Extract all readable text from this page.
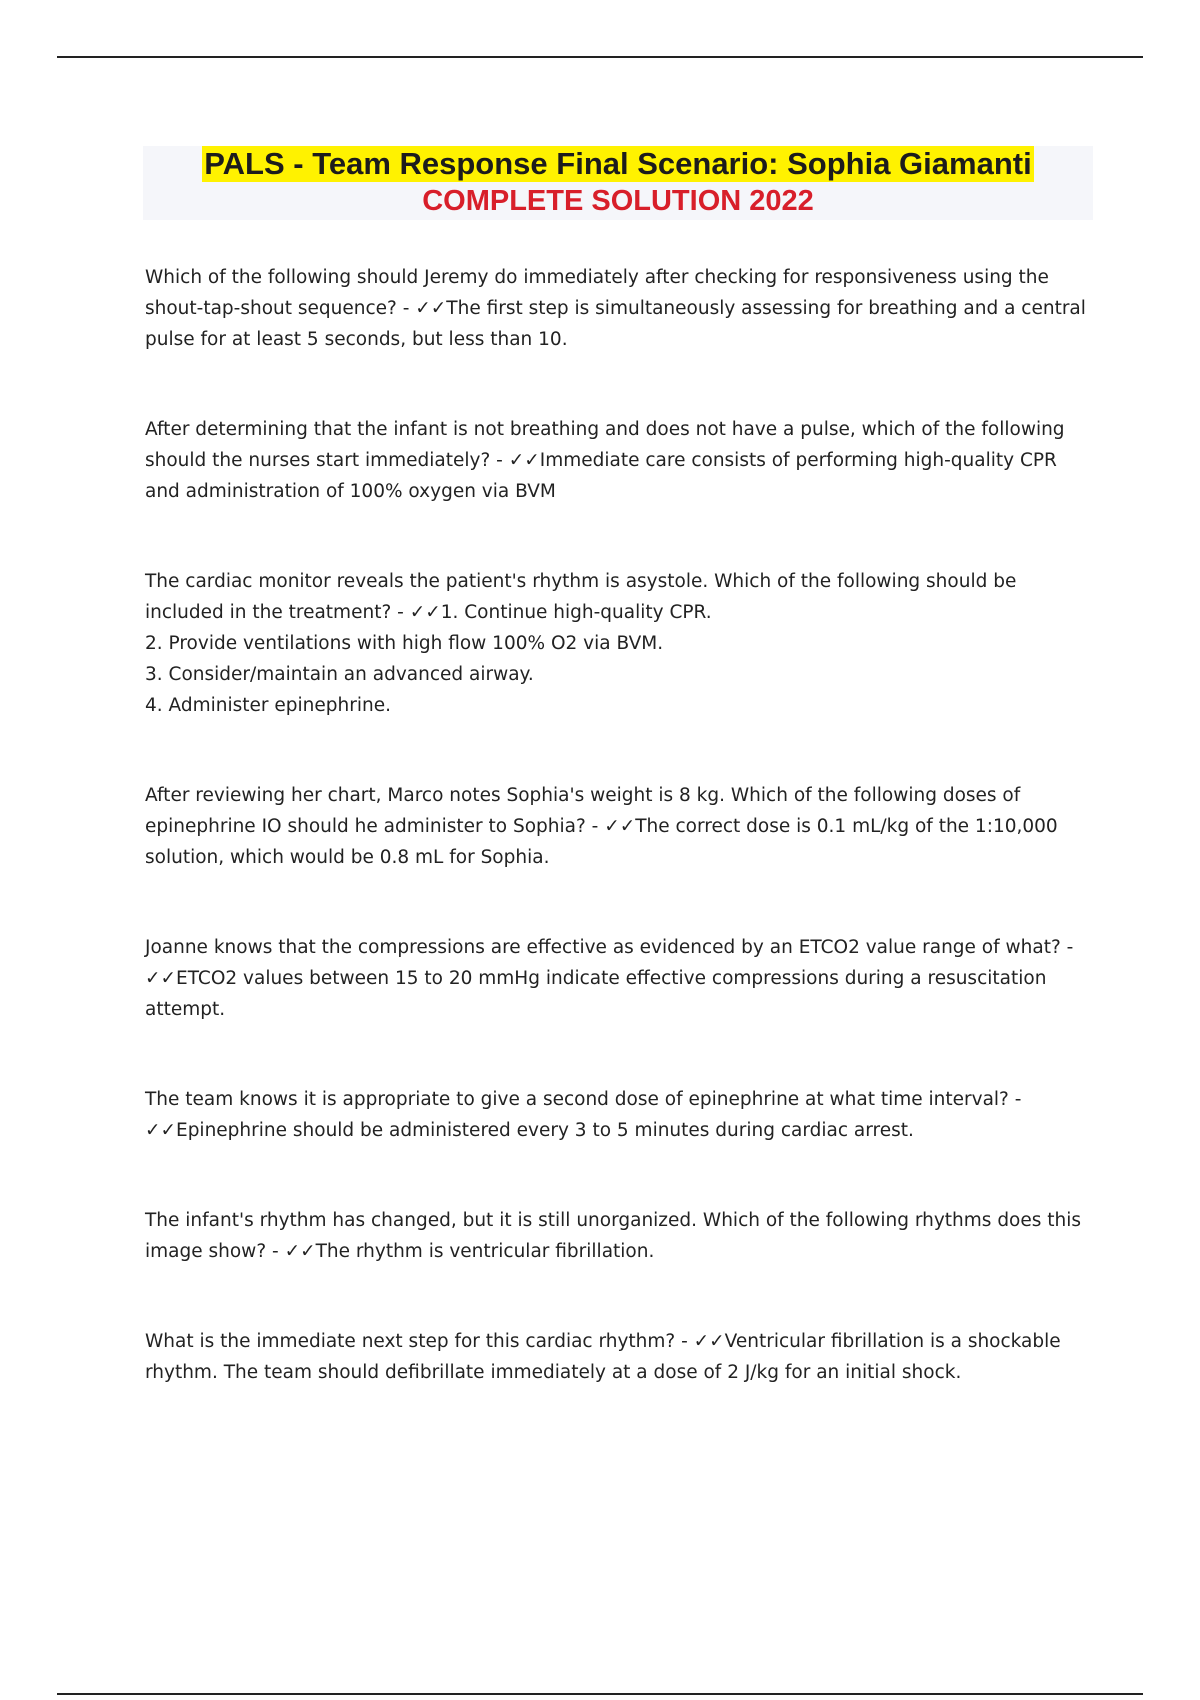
PALS - Team Response Final Scenario: Sophia Giamanti
COMPLETE SOLUTION 2022

Which of the following should Jeremy do immediately after checking for responsiveness using the shout-tap-shout sequence? - ✓✓The first step is simultaneously assessing for breathing and a central pulse for at least 5 seconds, but less than 10.

After determining that the infant is not breathing and does not have a pulse, which of the following should the nurses start immediately? - ✓✓Immediate care consists of performing high-quality CPR and administration of 100% oxygen via BVM

The cardiac monitor reveals the patient's rhythm is asystole. Which of the following should be included in the treatment? - ✓✓1. Continue high-quality CPR.

2. Provide ventilations with high flow 100% O2 via BVM.

3. Consider/maintain an advanced airway.

4. Administer epinephrine.

After reviewing her chart, Marco notes Sophia's weight is 8 kg. Which of the following doses of epinephrine IO should he administer to Sophia? - ✓✓The correct dose is 0.1 mL/kg of the 1:10,000 solution, which would be 0.8 mL for Sophia.

Joanne knows that the compressions are effective as evidenced by an ETCO2 value range of what? - ✓✓ETCO2 values between 15 to 20 mmHg indicate effective compressions during a resuscitation attempt.

The team knows it is appropriate to give a second dose of epinephrine at what time interval? - ✓✓Epinephrine should be administered every 3 to 5 minutes during cardiac arrest.

The infant's rhythm has changed, but it is still unorganized. Which of the following rhythms does this image show? - ✓✓The rhythm is ventricular fibrillation.

What is the immediate next step for this cardiac rhythm? - ✓✓Ventricular fibrillation is a shockable rhythm. The team should defibrillate immediately at a dose of 2 J/kg for an initial shock.
